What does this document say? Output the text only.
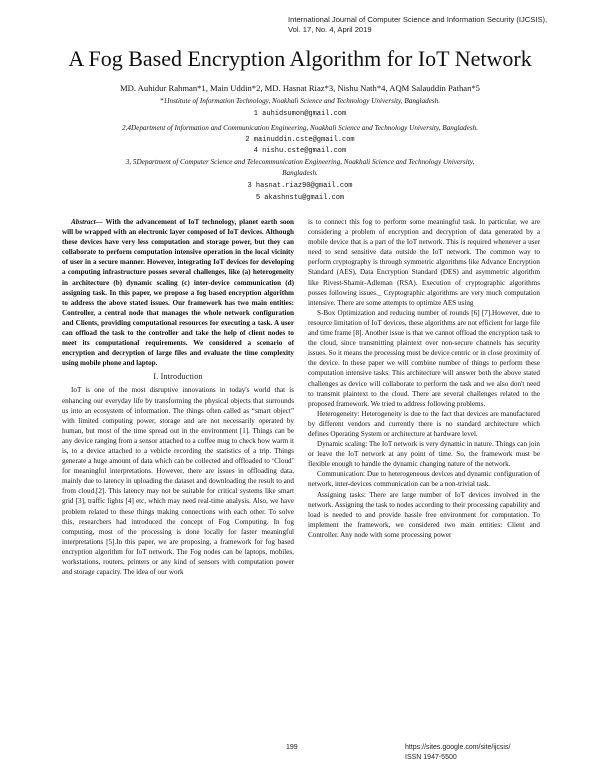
International Journal of Computer Science and Information Security (IJCSIS),
Vol. 17, No. 4, April 2019
A Fog Based Encryption Algorithm for IoT Network
MD. Auhidur Rahman*1, Main Uddin*2, MD. Hasnat Riaz*3, Nishu Nath*4, AQM Salauddin Pathan*5
*1Institute of Information Technology, Noakhali Science and Technology University, Bangladesh.
1 auhidsumon@gmail.com
2,4Department of Information and Communication Engineering, Noakhali Science and Technology University, Bangladesh.
2 mainuddin.cste@gmail.com
4 nishu.cste@gmail.com
3, 5Department of Computer Science and Telecommunication Engineering, Noakhali Science and Technology University,
Bangladesh.
3 hasnat.riaz90@gmail.com
5 akashnstu@gmail.com

Abstract— With the advancement of IoT technology, planet earth soon will be wrapped with an electronic layer composed of IoT devices. Although these devices have very less computation and storage power, but they can collaborate to perform computation intensive operation in the local vicinity of user in a secure manner. However, integrating IoT devices for developing a computing infrastructure posses several challenges, like (a) heterogeneity in architecture (b) dynamic scaling (c) inter-device communication (d) assigning task. In this paper, we propose a fog based encryption algorithm to address the above stated issues. Our framework has two main entities: Controller, a central node that manages the whole network configuration and Clients, providing computational resources for executing a task. A user can offload the task to the controller and take the help of client nodes to meet its computational requirements. We considered a scenario of encryption and decryption of large files and evaluate the time complexity using mobile phone and laptop.

I. Introduction

IoT is one of the most disruptive innovations in today's world that is enhancing our everyday life by transforming the physical objects that surrounds us into an ecosystem of information. The things often called as “smart object” with limited computing power, storage and are not necessarily operated by human, but most of the time spread out in the environment [1]. Things can be any device ranging from a sensor attached to a coffee mug to check how warm it is, to a device attached to a vehicle recording the statistics of a trip. Things generate a huge amount of data which can be collected and offloaded to ‘Cloud’ for meaningful interpretations. However, there are issues in offloading data, mainly due to latency in uploading the dataset and downloading the result to and from cloud.[2]. This latency may not be suitable for critical systems like smart grid [3], traffic lights [4] etc, which may need real-time analysis. Also, we have problem related to these things making connections with each other. To solve this, researchers had introduced the concept of Fog Computing. In fog computing, most of the processing is done locally for faster meaningful interpretations [5].In this paper, we are proposing, a framework for fog based encryption algorithm for IoT network. The Fog nodes can be laptops, mobiles, workstations, routers, printers or any kind of sensors with computation power and storage capacity. The idea of our work

is to connect this fog to perform some meaningful task. In particular, we are considering a problem of encryption and decryption of data generated by a mobile device that is a part of the IoT network. This is required whenever a user need to send sensitive data outside the IoT network. The common way to perform cryptography is through symmetric algorithms like Advance Encryption Standard (AES), Data Encryption Standard (DES) and asymmetric algorithm like Rivest-Shamir-Adleman (RSA). Execution of cryptographic algorithms posses following issues._ Cryptographic algorithms are very much computation intensive. There are some attempts to optimize AES using

S-Box Optimization and reducing number of rounds [6] [7].However, due to resource limitation of IoT devices, these algorithms are not efficient for large file and time frame [8]. Another issue is that we cannot offload the encryption task to the cloud, since transmitting plaintext over non-secure channels has security issues. So it means the processing must be device centric or in close proximity of the device. In these paper we will combine number of things to perform these computation intensive tasks. This architecture will answer both the above stated challenges as device will collaborate to perform the task and we also don't need to transmit plaintext to the cloud. There are several challenges related to the proposed framework. We tried to address following problems.

Heterogeneity: Heterogeneity is due to the fact that devices are manufactured by different vendors and currently there is no standard architecture which defines Operating System or architecture at hardware level.

Dynamic scaling: The IoT network is very dynamic in nature. Things can join or leave the IoT network at any point of time. So, the framework must be flexible enough to handle the dynamic changing nature of the network.

Communication: Due to heterogeneous devices and dynamic configuration of network, inter-devices communication can be a non-trivial task.

Assigning tasks: There are large number of IoT devices involved in the network. Assigning the task to nodes according to their processing capability and load is needed to and provide hassle free environment for computation. To implement the framework, we considered two main entities: Client and Controller. Any node with some processing power

199	https://sites.google.com/site/ijcsis/
ISSN 1947-5500
